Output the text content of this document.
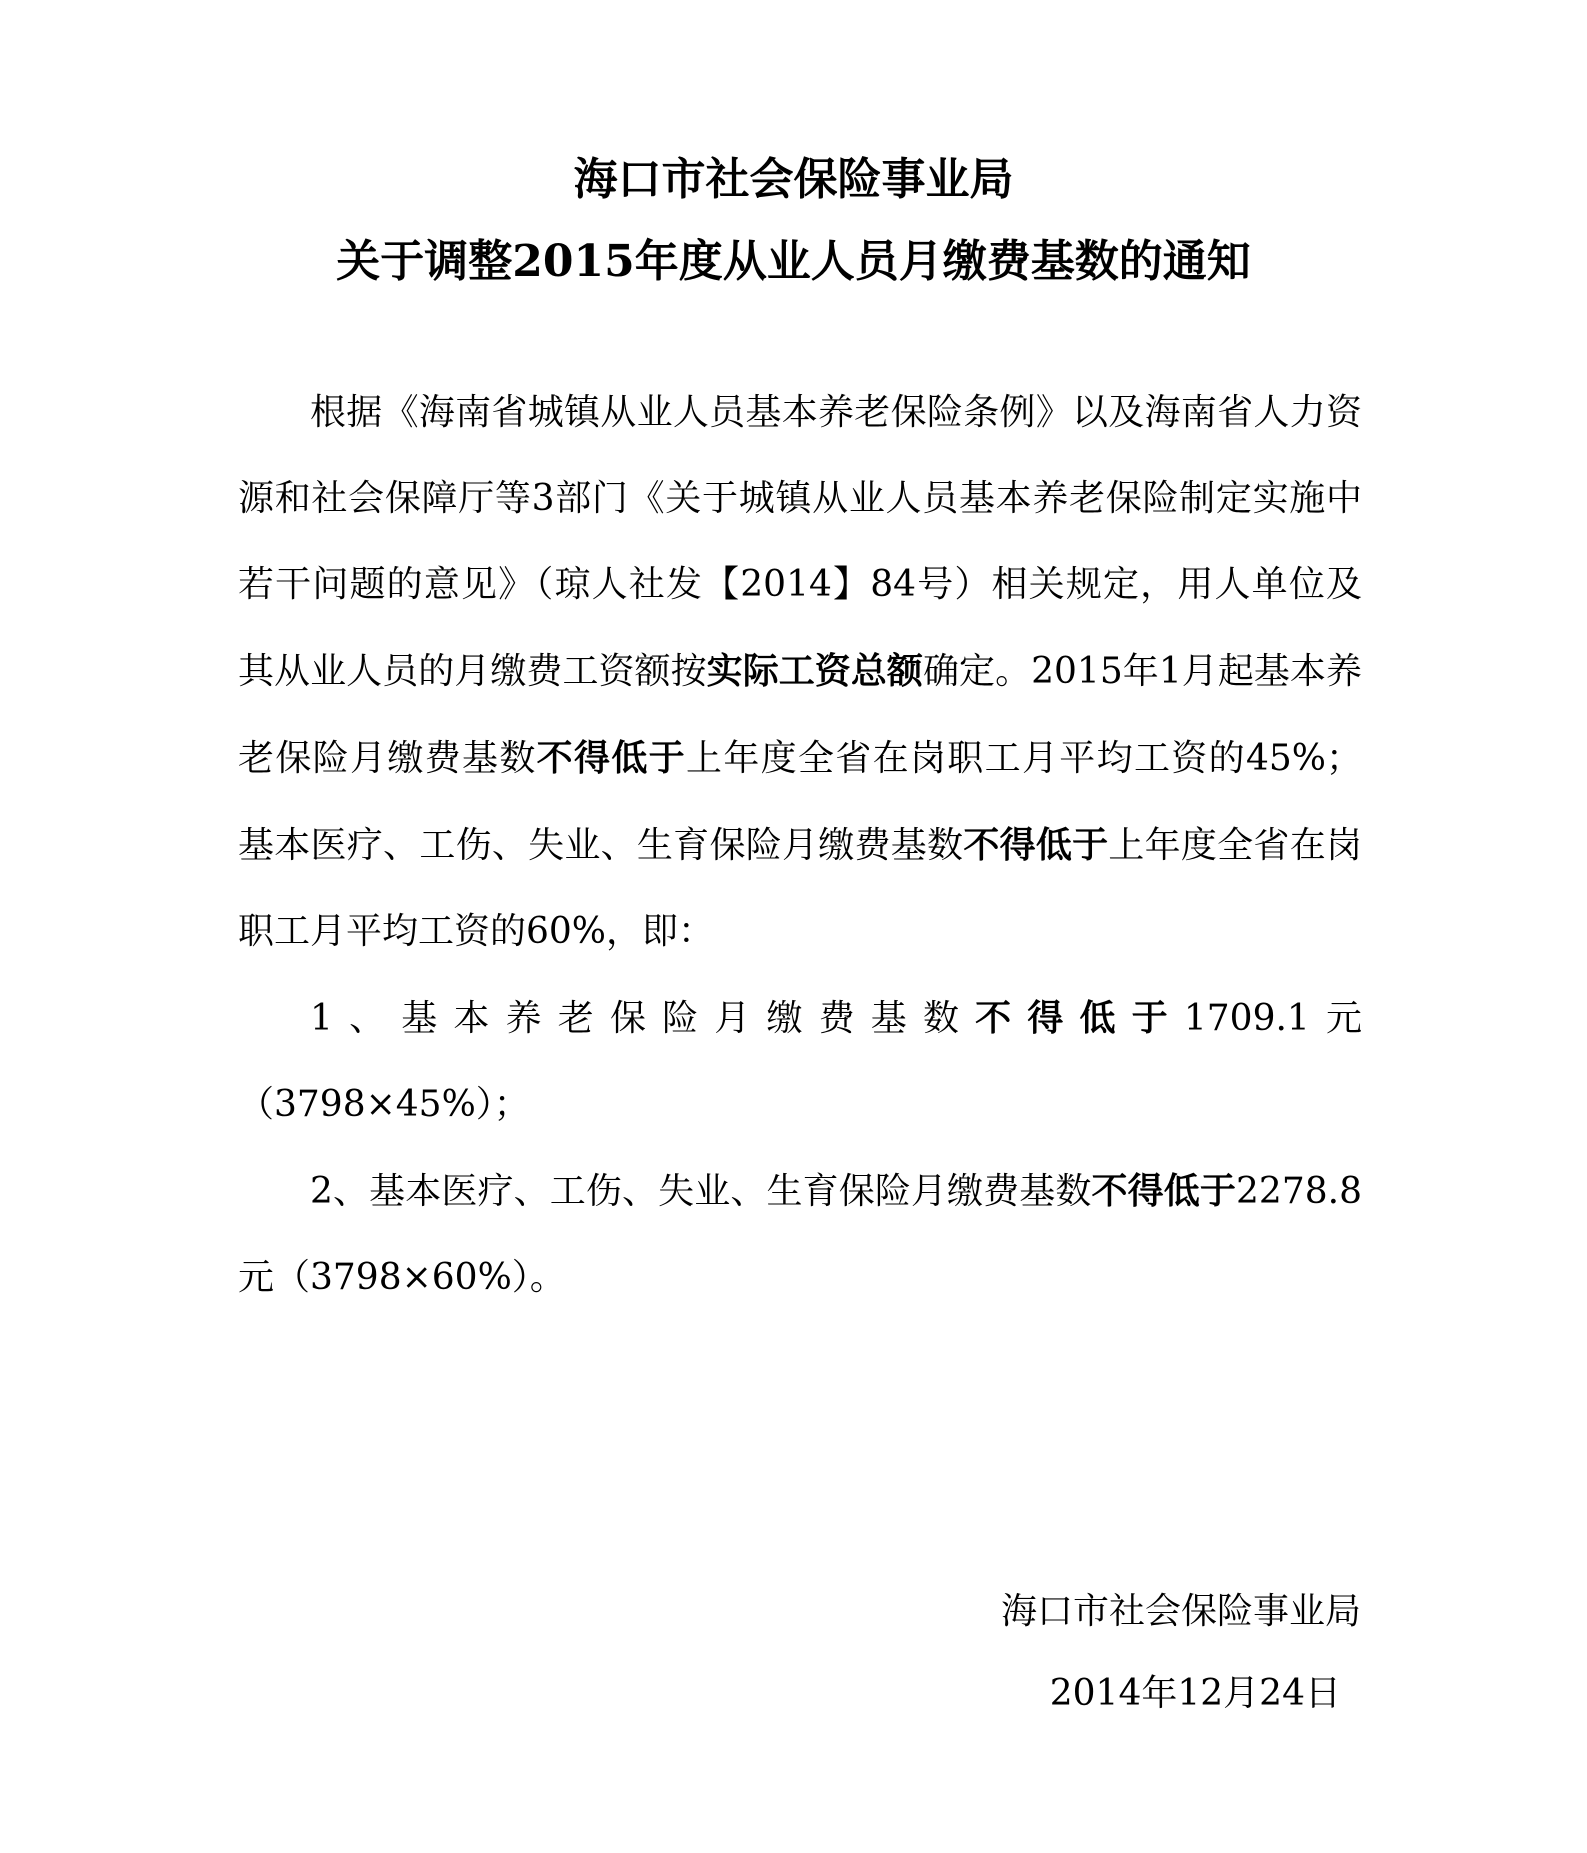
海口市社会保险事业局
关于调整2015年度从业人员月缴费基数的通知

根据《海南省城镇从业人员基本养老保险条例》以及海南省人力资源和社会保障厅等3部门《关于城镇从业人员基本养老保险制定实施中若干问题的意见》（琼人社发【2014】84号）相关规定，用人单位及其从业人员的月缴费工资额按实际工资总额确定。2015年1月起基本养老保险月缴费基数不得低于上年度全省在岗职工月平均工资的45%；基本医疗、工伤、失业、生育保险月缴费基数不得低于上年度全省在岗职工月平均工资的60%，即：

1、基本养老保险月缴费基数不得低于1709.1元（3798×45%）；

2、基本医疗、工伤、失业、生育保险月缴费基数不得低于2278.8元（3798×60%）。

海口市社会保险事业局
2014年12月24日
